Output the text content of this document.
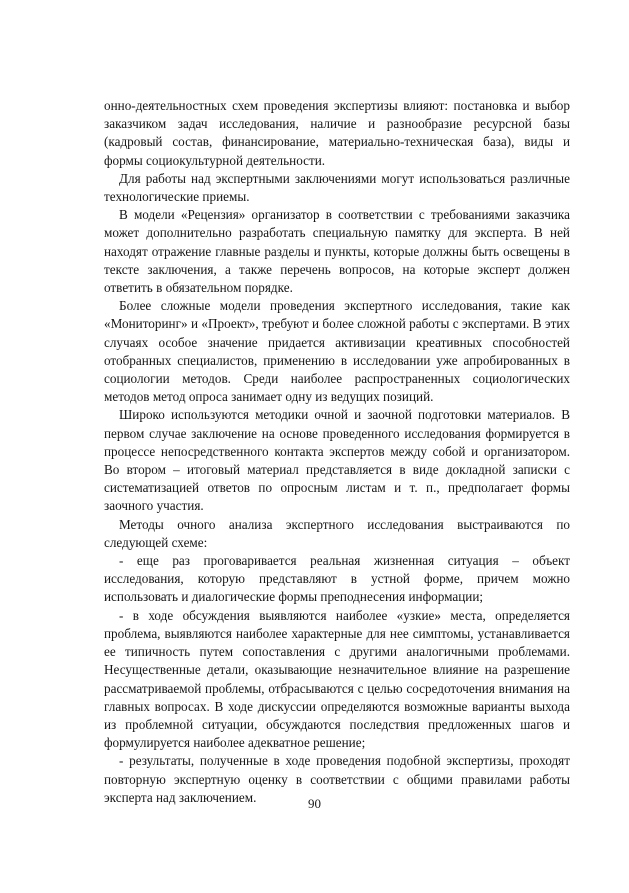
онно-деятельностных схем проведения экспертизы влияют: постановка и выбор заказчиком задач исследования, наличие и разнообразие ресурсной базы (кадровый состав, финансирование, материально-техническая база), виды и формы социокультурной деятельности.

Для работы над экспертными заключениями могут использоваться различные технологические приемы.

В модели «Рецензия» организатор в соответствии с требованиями заказчика может дополнительно разработать специальную памятку для эксперта. В ней находят отражение главные разделы и пункты, которые должны быть освещены в тексте заключения, а также перечень вопросов, на которые эксперт должен ответить в обязательном порядке.

Более сложные модели проведения экспертного исследования, такие как «Мониторинг» и «Проект», требуют и более сложной работы с экспертами. В этих случаях особое значение придается активизации креативных способностей отобранных специалистов, применению в исследовании уже апробированных в социологии методов. Среди наиболее распространенных социологических методов метод опроса занимает одну из ведущих позиций.

Широко используются методики очной и заочной подготовки материалов. В первом случае заключение на основе проведенного исследования формируется в процессе непосредственного контакта экспертов между собой и организатором. Во втором – итоговый материал представляется в виде докладной записки с систематизацией ответов по опросным листам и т. п., предполагает формы заочного участия.

Методы очного анализа экспертного исследования выстраиваются по следующей схеме:

- еще раз проговаривается реальная жизненная ситуация – объект исследования, которую представляют в устной форме, причем можно использовать и диалогические формы преподнесения информации;

- в ходе обсуждения выявляются наиболее «узкие» места, определяется проблема, выявляются наиболее характерные для нее симптомы, устанавливается ее типичность путем сопоставления с другими аналогичными проблемами. Несущественные детали, оказывающие незначительное влияние на разрешение рассматриваемой проблемы, отбрасываются с целью сосредоточения внимания на главных вопросах. В ходе дискуссии определяются возможные варианты выхода из проблемной ситуации, обсуждаются последствия предложенных шагов и формулируется наиболее адекватное решение;

- результаты, полученные в ходе проведения подобной экспертизы, проходят повторную экспертную оценку в соответствии с общими правилами работы эксперта над заключением.	90
